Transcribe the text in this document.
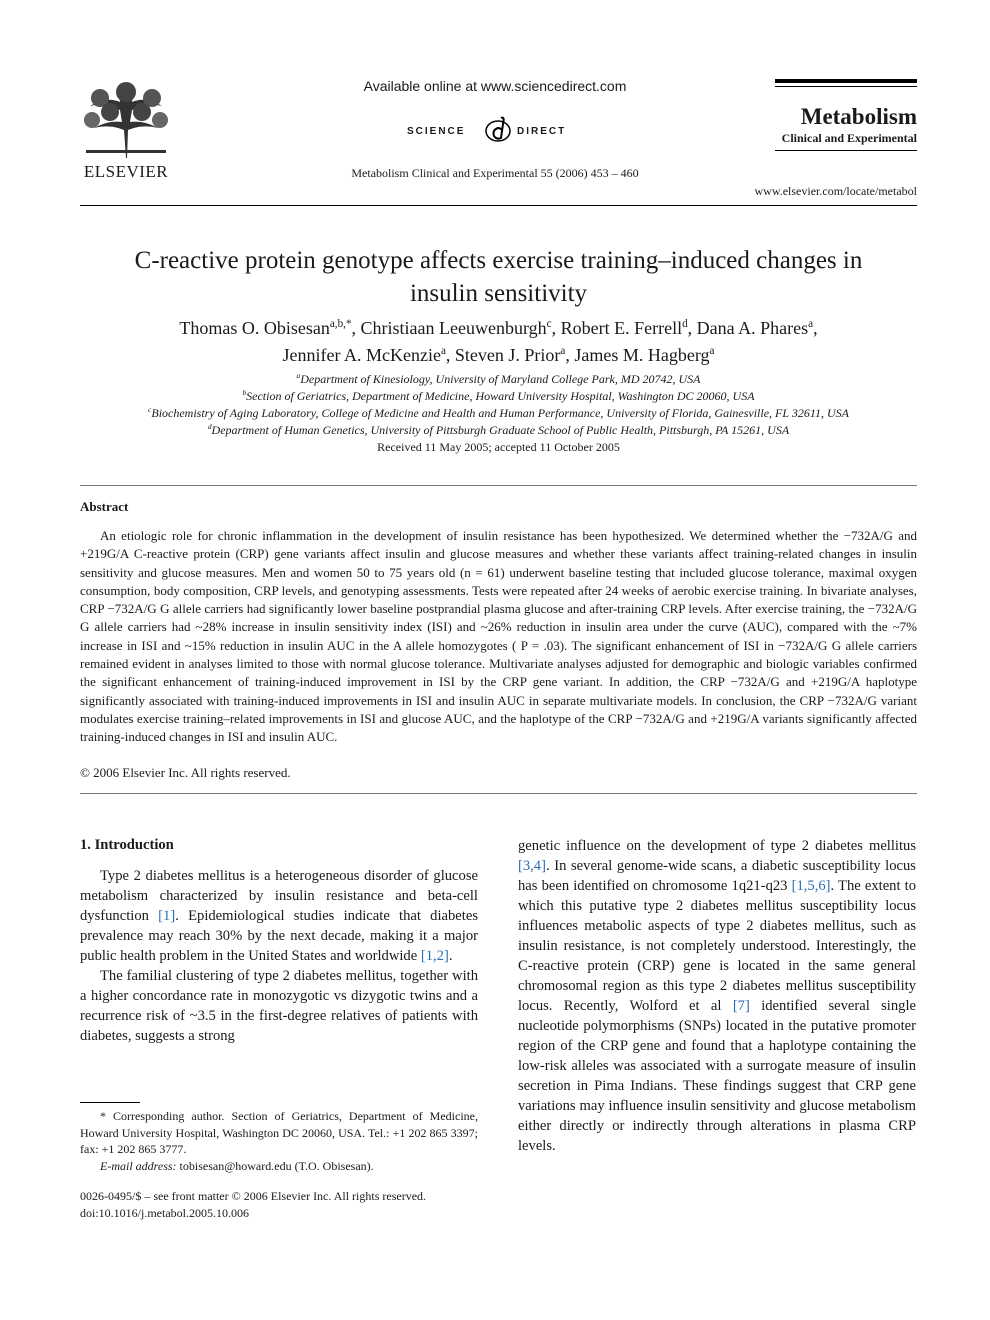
ELSEVIER
Available online at www.sciencedirect.com
SCIENCE	DIRECT
Metabolism Clinical and Experimental 55 (2006) 453 – 460
Metabolism
Clinical and Experimental
www.elsevier.com/locate/metabol
C-reactive protein genotype affects exercise training–induced changes in
insulin sensitivity
Thomas O. Obisesan$^{a,b,*}$, Christiaan Leeuwenburgh$^c$, Robert E. Ferrell$^d$, Dana A. Phares$^a$,
Jennifer A. McKenzie$^a$, Steven J. Prior$^a$, James M. Hagberg$^a$
$^a$Department of Kinesiology, University of Maryland College Park, MD 20742, USA
$^b$Section of Geriatrics, Department of Medicine, Howard University Hospital, Washington DC 20060, USA
$^c$Biochemistry of Aging Laboratory, College of Medicine and Health and Human Performance, University of Florida, Gainesville, FL 32611, USA
$^d$Department of Human Genetics, University of Pittsburgh Graduate School of Public Health, Pittsburgh, PA 15261, USA
Received 11 May 2005; accepted 11 October 2005
Abstract

An etiologic role for chronic inflammation in the development of insulin resistance has been hypothesized. We determined whether the −732A/G and +219G/A C-reactive protein (CRP) gene variants affect insulin and glucose measures and whether these variants affect training-related changes in insulin sensitivity and glucose measures. Men and women 50 to 75 years old (n = 61) underwent baseline testing that included glucose tolerance, maximal oxygen consumption, body composition, CRP levels, and genotyping assessments. Tests were repeated after 24 weeks of aerobic exercise training. In bivariate analyses, CRP −732A/G G allele carriers had significantly lower baseline postprandial plasma glucose and after-training CRP levels. After exercise training, the −732A/G G allele carriers had ~28% increase in insulin sensitivity index (ISI) and ~26% reduction in insulin area under the curve (AUC), compared with the ~7% increase in ISI and ~15% reduction in insulin AUC in the A allele homozygotes ( P = .03). The significant enhancement of ISI in −732A/G G allele carriers remained evident in analyses limited to those with normal glucose tolerance. Multivariate analyses adjusted for demographic and biologic variables confirmed the significant enhancement of training-induced improvement in ISI by the CRP gene variant. In addition, the CRP −732A/G and +219G/A haplotype significantly associated with training-induced improvements in ISI and insulin AUC in separate multivariate models. In conclusion, the CRP −732A/G variant modulates exercise training–related improvements in ISI and glucose AUC, and the haplotype of the CRP −732A/G and +219G/A variants significantly affected training-induced changes in ISI and insulin AUC.

© 2006 Elsevier Inc. All rights reserved.
1. Introduction

Type 2 diabetes mellitus is a heterogeneous disorder of glucose metabolism characterized by insulin resistance and beta-cell dysfunction [1]. Epidemiological studies indicate that diabetes prevalence may reach 30% by the next decade, making it a major public health problem in the United States and worldwide [1,2].

The familial clustering of type 2 diabetes mellitus, together with a higher concordance rate in monozygotic vs dizygotic twins and a recurrence risk of ~3.5 in the first-degree relatives of patients with diabetes, suggests a strong

genetic influence on the development of type 2 diabetes mellitus [3,4]. In several genome-wide scans, a diabetic susceptibility locus has been identified on chromosome 1q21-q23 [1,5,6]. The extent to which this putative type 2 diabetes mellitus susceptibility locus influences metabolic aspects of type 2 diabetes mellitus, such as insulin resistance, is not completely understood. Interestingly, the C-reactive protein (CRP) gene is located in the same general chromosomal region as this type 2 diabetes mellitus susceptibility locus. Recently, Wolford et al [7] identified several single nucleotide polymorphisms (SNPs) located in the putative promoter region of the CRP gene and found that a haplotype containing the low-risk alleles was associated with a surrogate measure of insulin secretion in Pima Indians. These findings suggest that CRP gene variations may influence insulin sensitivity and glucose metabolism either directly or indirectly through alterations in plasma CRP levels.

* Corresponding author. Section of Geriatrics, Department of Medicine, Howard University Hospital, Washington DC 20060, USA. Tel.: +1 202 865 3397; fax: +1 202 865 3777.

E-mail address: tobisesan@howard.edu (T.O. Obisesan).

0026-0495/$ – see front matter © 2006 Elsevier Inc. All rights reserved.
doi:10.1016/j.metabol.2005.10.006
